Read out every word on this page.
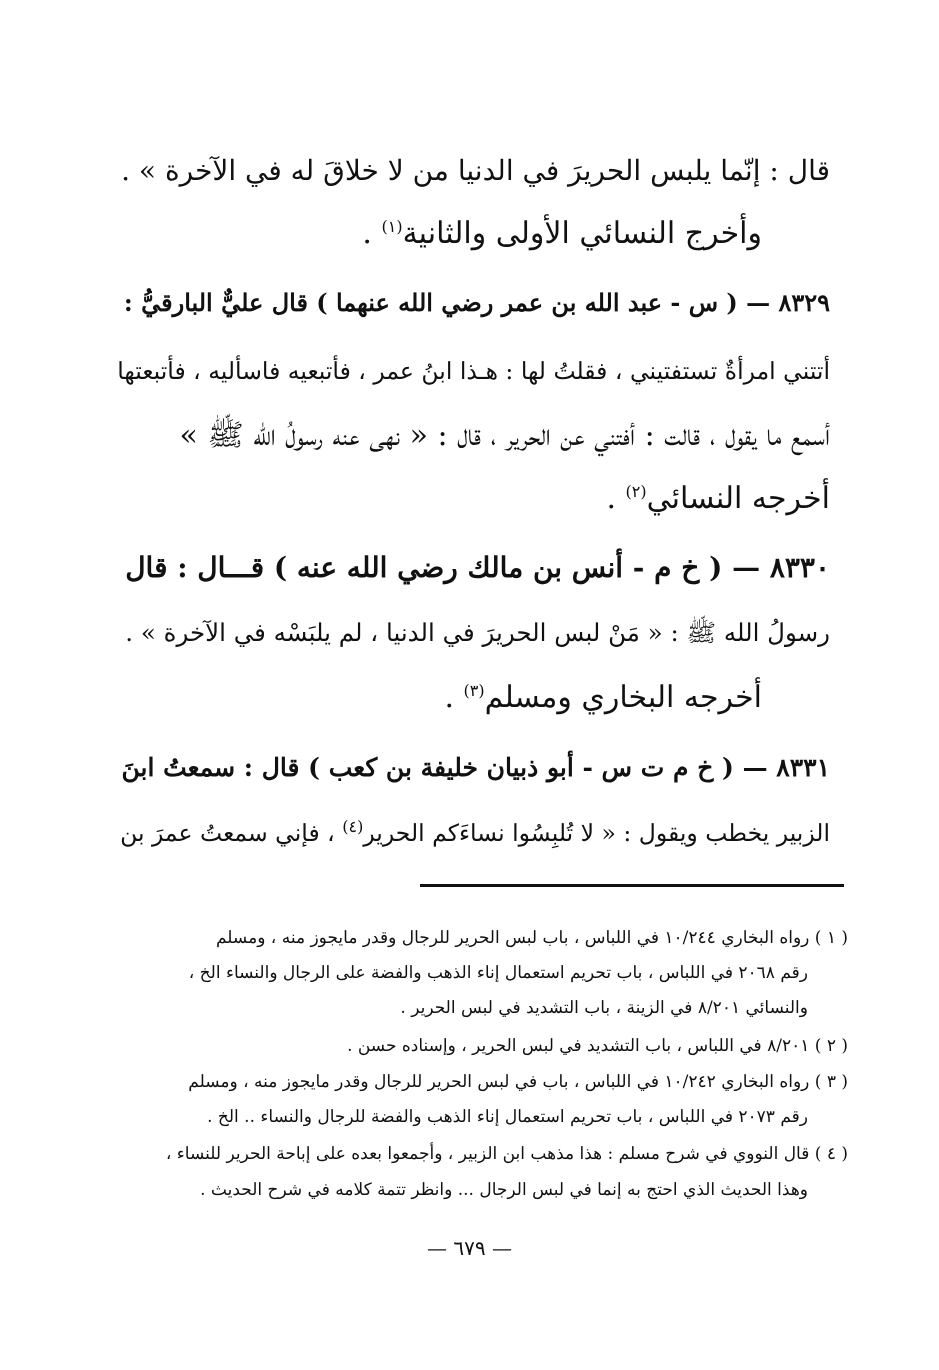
قال : إنّما يلبس الحريرَ في الدنيا من لا خلاقَ له في الآخرة » .
وأخرج النسائي الأولى والثانية$^{(١)}$ .
٨٣٢٩ — ( س - عبد الله بن عمر رضي الله عنهما ) قال عليٌّ البارقيُّ :
أتتني امرأةٌ تستفتيني ، فقلتُ لها : هـذا ابنُ عمر ، فأتبعيه فاسأليه ، فأتبعتها
أسمع ما يقول ، قالت : أفتني عن الحرير ، قال : « نهى عنه رسولُ الله ﷺ »
أخرجه النسائي$^{(٢)}$ .
٨٣٣٠ — ( خ م - أنس بن مالك رضي الله عنه ) قـــال : قال
رسولُ الله ﷺ : « مَنْ لبس الحريرَ في الدنيا ، لم يلبَسْه في الآخرة » .
أخرجه البخاري ومسلم$^{(٣)}$ .
٨٣٣١ — ( خ م ت س - أبو ذبيان خليفة بن كعب ) قال : سمعتُ ابنَ
الزبير يخطب ويقول : « لا تُلبِسُوا نساءَكم الحرير$^{(٤)}$ ، فإني سمعتُ عمرَ بن
( ١ ) رواه البخاري ١٠/٢٤٤ في اللباس ، باب لبس الحرير للرجال وقدر مايجوز منه ، ومسلم
رقم ٢٠٦٨ في اللباس ، باب تحريم استعمال إناء الذهب والفضة على الرجال والنساء الخ ،
والنسائي ٨/٢٠١ في الزينة ، باب التشديد في لبس الحرير .
( ٢ ) ٨/٢٠١ في اللباس ، باب التشديد في لبس الحرير ، وإسناده حسن .
( ٣ ) رواه البخاري ١٠/٢٤٢ في اللباس ، باب في لبس الحرير للرجال وقدر مايجوز منه ، ومسلم
رقم ٢٠٧٣ في اللباس ، باب تحريم استعمال إناء الذهب والفضة للرجال والنساء .. الخ .
( ٤ ) قال النووي في شرح مسلم : هذا مذهب ابن الزبير ، وأجمعوا بعده على إباحة الحرير للنساء ،
وهذا الحديث الذي احتج به إنما في لبس الرجال ... وانظر تتمة كلامه في شرح الحديث .
— ٦٧٩ —
